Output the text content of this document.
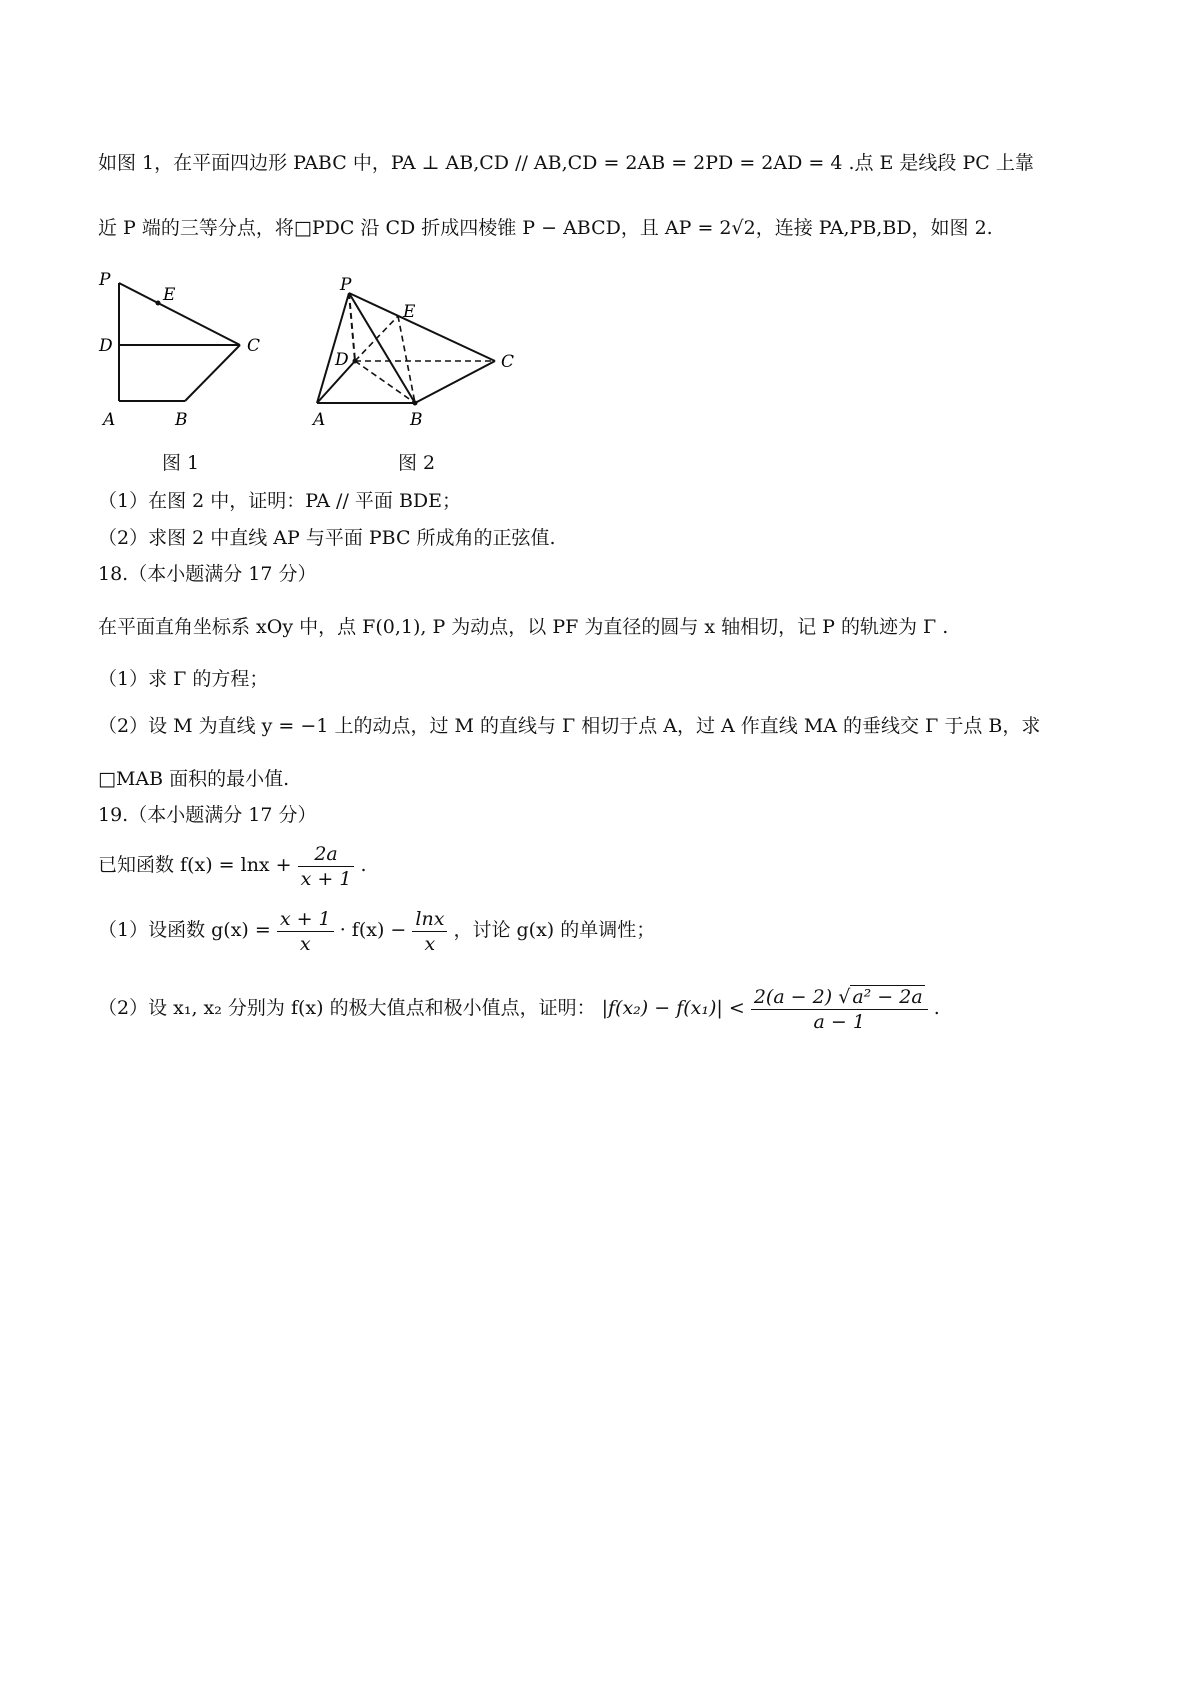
如图 1，在平面四边形 PABC 中，PA ⊥ AB,CD // AB,CD = 2AB = 2PD = 2AD = 4 .点 E 是线段 PC 上靠
近 P 端的三等分点，将□PDC 沿 CD 折成四棱锥 P − ABCD，且 AP = 2√2，连接 PA,PB,BD，如图 2.
P
E
D	C
A	B
图 1
P
E
D	C
A	B
图 2
（1）在图 2 中，证明：PA // 平面 BDE；
（2）求图 2 中直线 AP 与平面 PBC 所成角的正弦值.
18.（本小题满分 17 分）
在平面直角坐标系 xOy 中，点 F(0,1), P 为动点，以 PF 为直径的圆与 x 轴相切，记 P 的轨迹为 Γ .
（1）求 Γ 的方程；
（2）设 M 为直线 y = −1 上的动点，过 M 的直线与 Γ 相切于点 A，过 A 作直线 MA 的垂线交 Γ 于点 B，求
□MAB 面积的最小值.
19.（本小题满分 17 分）
已知函数 $f(x) = \ln x + \frac{2a}{x + 1}$ .
（1）设函数 $g(x) = \frac{x + 1}{x} \cdot f(x) - \frac{\ln x}{x}$ ，讨论 g(x) 的单调性；
（2）设 x₁, x₂ 分别为 f(x) 的极大值点和极小值点，证明： $|f(x_2) - f(x_1)| < \frac{\text{2(a − 2) √ a² − 2a}}{a - 1}$ .
